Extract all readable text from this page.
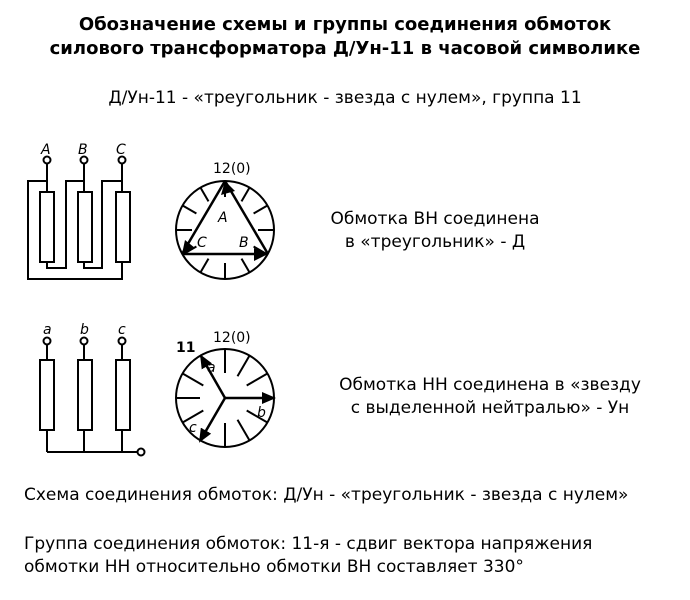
Обозначение схемы и группы соединения обмоток
силового трансформатора Д/Ун-11 в часовой символике
Д/Ун-11 - «треугольник - звезда с нулем», группа 11
A B C
12(0)
A
B
C
a b c	12(0)
11
a
b
c
Обмотка ВН соединена
в «треугольник» - Д
Обмотка НН соединена в «звезду
с выделенной нейтралью» - Ун
Схема соединения обмоток: Д/Ун - «треугольник - звезда с нулем»
Группа соединения обмоток: 11-я - сдвиг вектора напряжения
обмотки НН относительно обмотки ВН составляет 330°
